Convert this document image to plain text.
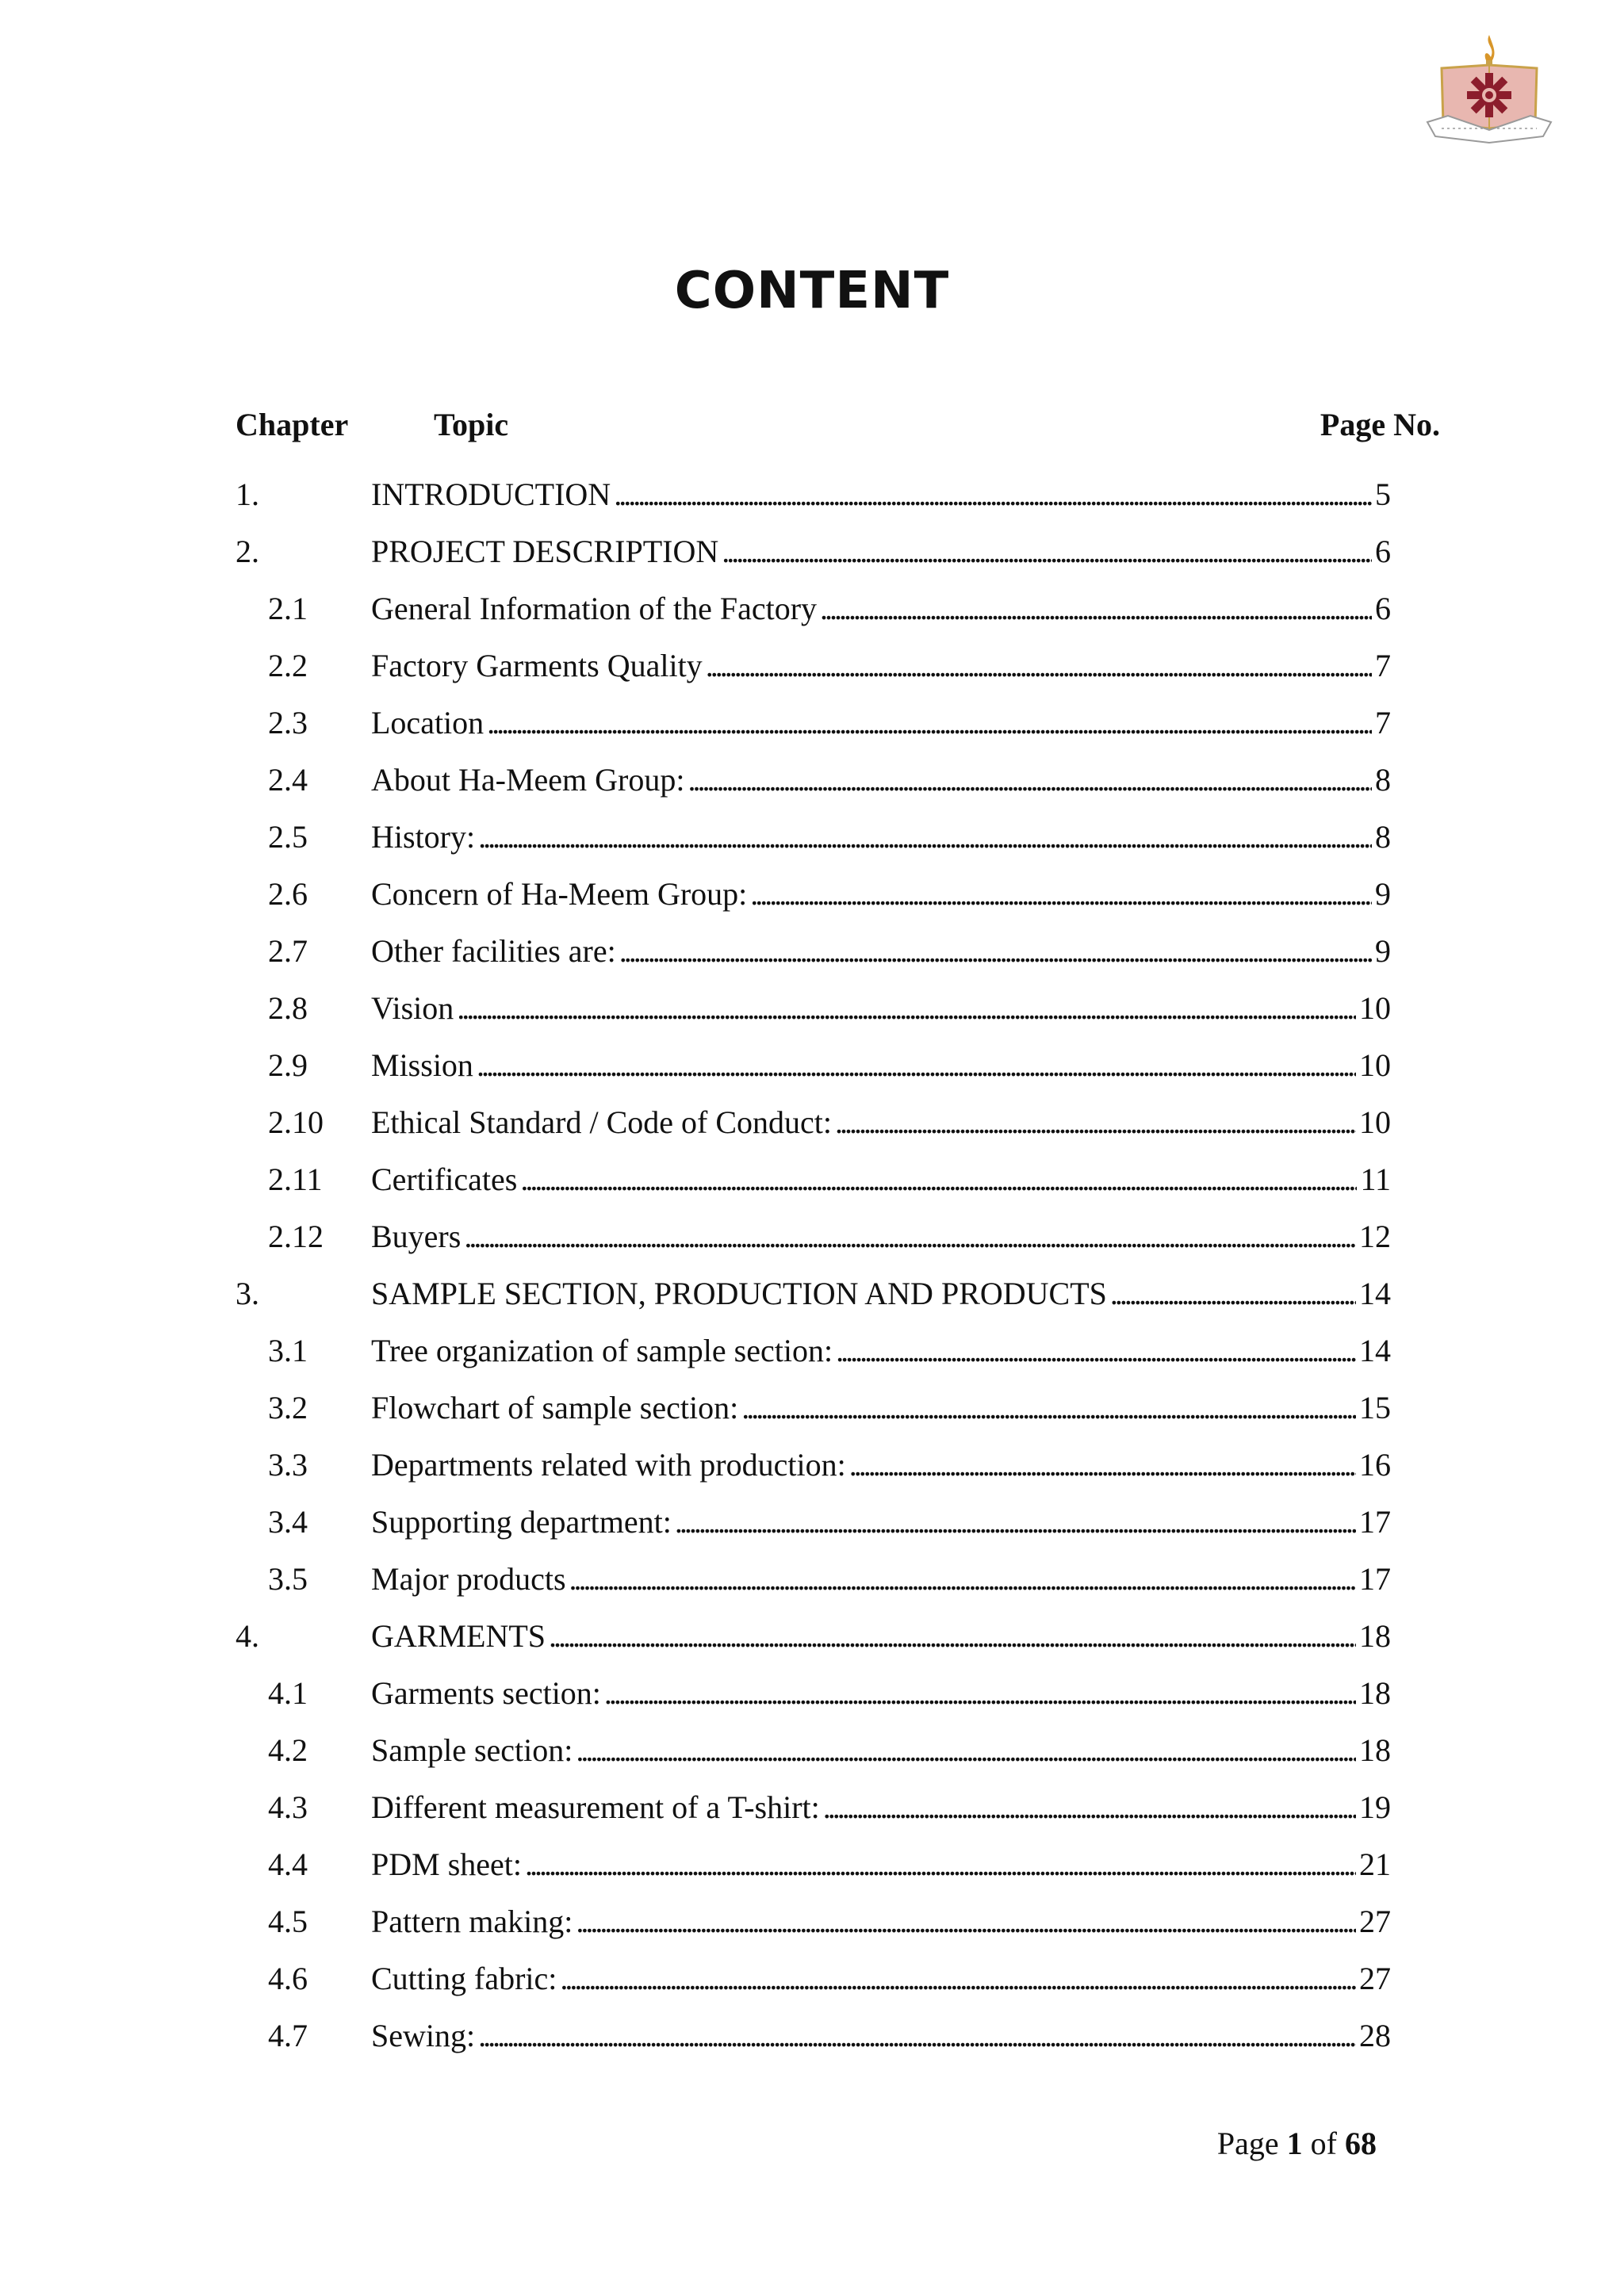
CONTENT
Chapter	Topic	Page No.
1.	INTRODUCTION . . .	5
2.	PROJECT DESCRIPTION . . .	6
2.1 General Information of the Factory . . .	6
2.2 Factory Garments Quality . . .	7
2.3 Location . . .	7
2.4 About Ha-Meem Group: . . .	8
2.5 History: . . .	8
2.6 Concern of Ha-Meem Group: . . .	9
2.7 Other facilities are: . . .	9
2.8 Vision . . .	10
2.9 Mission . . .	10
2.10 Ethical Standard / Code of Conduct: . . .	10
2.11 Certificates . . .	11
2.12 Buyers . . .	12
3.	SAMPLE SECTION, PRODUCTION AND PRODUCTS . . .	14
3.1 Tree organization of sample section: . . .	14
3.2 Flowchart of sample section: . . .	15
3.3 Departments related with production: . . .	16
3.4 Supporting department: . . .	17
3.5 Major products . . .	17
4.	GARMENTS . . .	18
4.1 Garments section: . . .	18
4.2 Sample section: . . .	18
4.3 Different measurement of a T-shirt: . . .	19
4.4 PDM sheet: . . .	21
4.5 Pattern making: . . .	27
4.6 Cutting fabric: . . .	27
4.7 Sewing: . . .	28
Page 1 of 68
